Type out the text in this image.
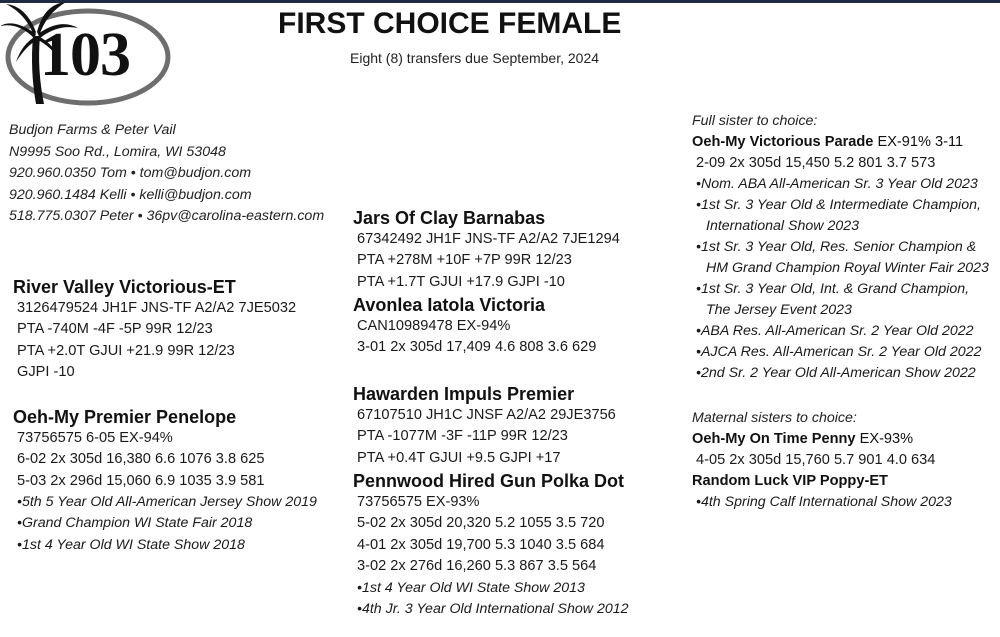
103	FIRST CHOICE FEMALE
Eight (8) transfers due September, 2024
Budjon Farms & Peter Vail
N9995 Soo Rd., Lomira, WI 53048
920.960.0350 Tom • tom@budjon.com
920.960.1484 Kelli • kelli@budjon.com
518.775.0307 Peter • 36pv@carolina-eastern.com
River Valley Victorious-ET
3126479524 JH1F JNS-TF A2/A2 7JE5032
PTA -740M -4F -5P 99R 12/23
PTA +2.0T GJUI +21.9 99R 12/23
GJPI -10
Oeh-My Premier Penelope
73756575 6-05 EX-94%
6-02 2x 305d 16,380 6.6 1076 3.8 625
5-03 2x 296d 15,060 6.9 1035 3.9 581
•5th 5 Year Old All-American Jersey Show 2019
•Grand Champion WI State Fair 2018
•1st 4 Year Old WI State Show 2018
Jars Of Clay Barnabas
67342492 JH1F JNS-TF A2/A2 7JE1294
PTA +278M +10F +7P 99R 12/23
PTA +1.7T GJUI +17.9 GJPI -10
Avonlea Iatola Victoria
CAN10989478 EX-94%
3-01 2x 305d 17,409 4.6 808 3.6 629
Hawarden Impuls Premier
67107510 JH1C JNSF A2/A2 29JE3756
PTA -1077M -3F -11P 99R 12/23
PTA +0.4T GJUI +9.5 GJPI +17
Pennwood Hired Gun Polka Dot
73756575 EX-93%
5-02 2x 305d 20,320 5.2 1055 3.5 720
4-01 2x 305d 19,700 5.3 1040 3.5 684
3-02 2x 276d 16,260 5.3 867 3.5 564
•1st 4 Year Old WI State Show 2013
•4th Jr. 3 Year Old International Show 2012
Full sister to choice:
Oeh-My Victorious Parade EX-91% 3-11
2-09 2x 305d 15,450 5.2 801 3.7 573
•Nom. ABA All-American Sr. 3 Year Old 2023
•1st Sr. 3 Year Old & Intermediate Champion,
International Show 2023
•1st Sr. 3 Year Old, Res. Senior Champion &
HM Grand Champion Royal Winter Fair 2023
•1st Sr. 3 Year Old, Int. & Grand Champion,
The Jersey Event 2023
•ABA Res. All-American Sr. 2 Year Old 2022
•AJCA Res. All-American Sr. 2 Year Old 2022
•2nd Sr. 2 Year Old All-American Show 2022
Maternal sisters to choice:
Oeh-My On Time Penny EX-93%
4-05 2x 305d 15,760 5.7 901 4.0 634
Random Luck VIP Poppy-ET
•4th Spring Calf International Show 2023
